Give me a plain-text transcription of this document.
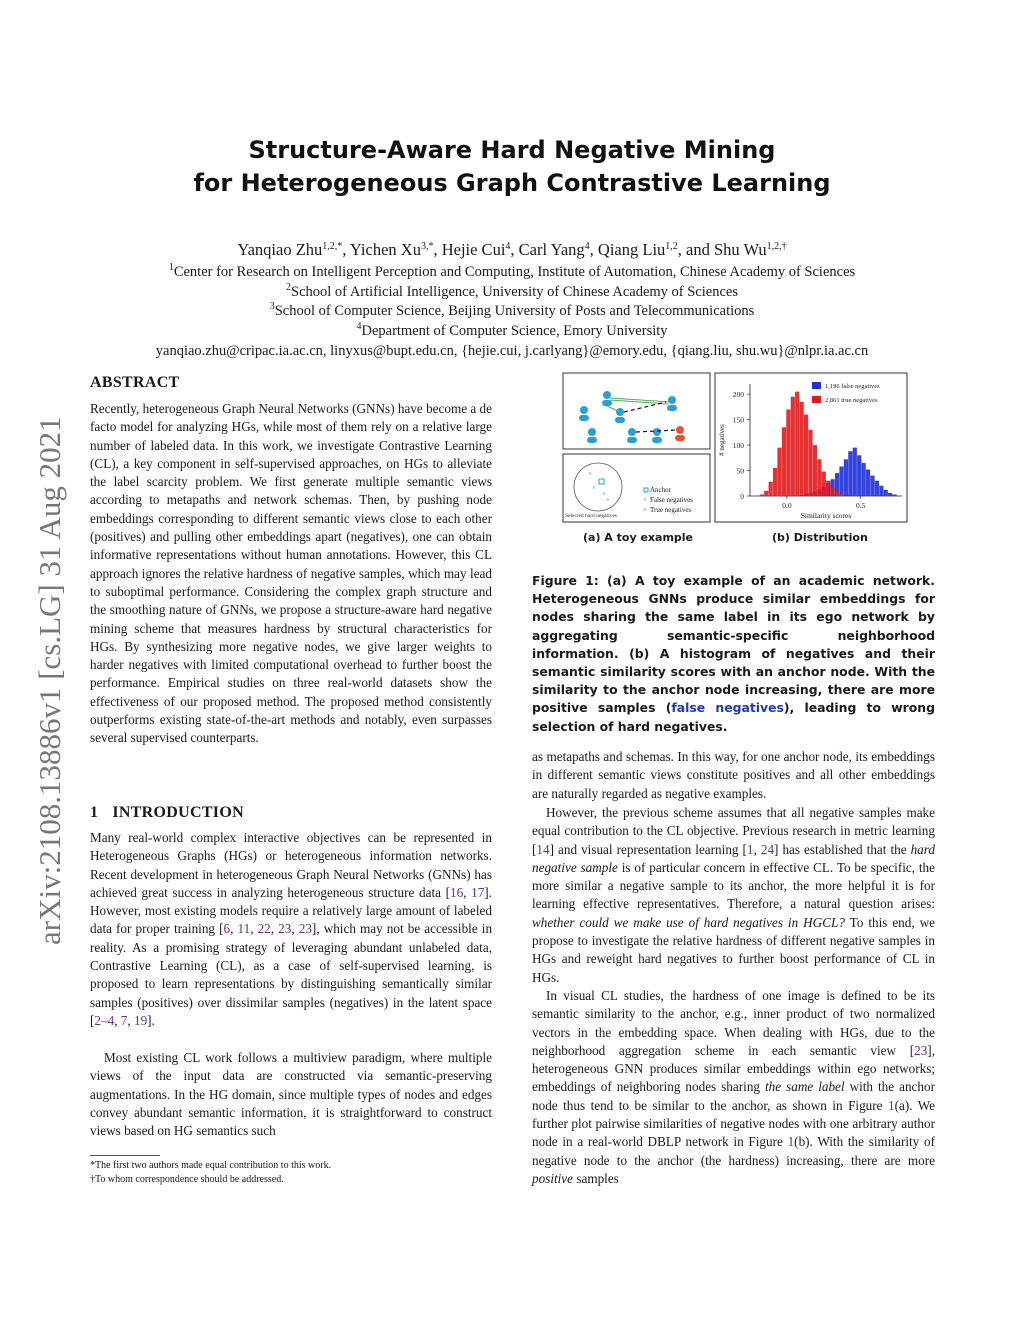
arXiv:2108.13886v1 [cs.LG] 31 Aug 2021
Structure-Aware Hard Negative Mining
for Heterogeneous Graph Contrastive Learning
Yanqiao Zhu$^{1,2,*}$, Yichen $Xu^{3,*}$, Hejie Cui$^4$, Carl Yang$^4$, Qiang Liu$^{1,2}$, and Shu $Wu^{1,2,\dagger}$
$^1$Center for Research on Intelligent Perception and Computing, Institute of Automation, Chinese Academy of Sciences
$^2$School of Artificial Intelligence, University of Chinese Academy of Sciences
$^3$School of Computer Science, Beijing University of Posts and Telecommunications
$^4$Department of Computer Science, Emory University
yanqiao.zhu@cripac.ia.ac.cn, linyxus@bupt.edu.cn, {hejie.cui, j.carlyang}@emory.edu, {qiang.liu, shu.wu}@nlpr.ia.ac.cn
ABSTRACT
Recently, heterogeneous Graph Neural Networks (GNNs) have become a de facto model for analyzing HGs, while most of them rely on a relative large number of labeled data. In this work, we investigate Contrastive Learning (CL), a key component in self-supervised approaches, on HGs to alleviate the label scarcity problem. We first generate multiple semantic views according to metapaths and network schemas. Then, by pushing node embeddings corresponding to different semantic views close to each other (positives) and pulling other embeddings apart (negatives), one can obtain informative representations without human annotations. However, this CL approach ignores the relative hardness of negative samples, which may lead to suboptimal performance. Considering the complex graph structure and the smoothing nature of GNNs, we propose a structure-aware hard negative mining scheme that measures hardness by structural characteristics for HGs. By synthesizing more negative nodes, we give larger weights to harder negatives with limited computational overhead to further boost the performance. Empirical studies on three real-world datasets show the effectiveness of our proposed method. The proposed method consistently outperforms existing state-of-the-art methods and notably, even surpasses several supervised counterparts.
1 INTRODUCTION
Many real-world complex interactive objectives can be represented in Heterogeneous Graphs (HGs) or heterogeneous information networks. Recent development in heterogeneous Graph Neural Networks (GNNs) has achieved great success in analyzing heterogeneous structure data [16, 17]. However, most existing models require a relatively large amount of labeled data for proper training [6, 11, 22, 23, 23], which may not be accessible in reality. As a promising strategy of leveraging abundant unlabeled data, Contrastive Learning (CL), as a case of self-supervised learning, is proposed to learn representations by distinguishing semantically similar samples (positives) over dissimilar samples (negatives) in the latent space [2–4, 7, 19].
Most existing CL work follows a multiview paradigm, where multiple views of the input data are constructed via semantic-preserving augmentations. In the HG domain, since multiple types of nodes and edges convey abundant semantic information, it is straightforward to construct views based on HG semantics such
*The first two authors made equal contribution to this work.
†To whom correspondence should be addressed.
×
×
×
×
Selected hard negatives
Anchor
× False negatives
× True negatives
0
50
100
150
200
0.0	0.5
Similarity scores
# negatives
1,196 false negatives
2,861 true negatives
(a) A toy example	(b) Distribution
Figure 1: (a) A toy example of an academic network. Heterogeneous GNNs produce similar embeddings for nodes sharing the same label in its ego network by aggregating semantic-specific neighborhood information. (b) A histogram of negatives and their semantic similarity scores with an anchor node. With the similarity to the anchor node increasing, there are more positive samples (false negatives), leading to wrong selection of hard negatives.
as metapaths and schemas. In this way, for one anchor node, its embeddings in different semantic views constitute positives and all other embeddings are naturally regarded as negative examples.
However, the previous scheme assumes that all negative samples make equal contribution to the CL objective. Previous research in metric learning [14] and visual representation learning [1, 24] has established that the hard negative sample is of particular concern in effective CL. To be specific, the more similar a negative sample to its anchor, the more helpful it is for learning effective representatives. Therefore, a natural question arises: whether could we make use of hard negatives in HGCL? To this end, we propose to investigate the relative hardness of different negative samples in HGs and reweight hard negatives to further boost performance of CL in HGs.
In visual CL studies, the hardness of one image is defined to be its semantic similarity to the anchor, e.g., inner product of two normalized vectors in the embedding space. When dealing with HGs, due to the neighborhood aggregation scheme in each semantic view [23], heterogeneous GNN produces similar embeddings within ego networks; embeddings of neighboring nodes sharing the same label with the anchor node thus tend to be similar to the anchor, as shown in Figure 1(a). We further plot pairwise similarities of negative nodes with one arbitrary author node in a real-world DBLP network in Figure 1(b). With the similarity of negative node to the anchor (the hardness) increasing, there are more positive samples
